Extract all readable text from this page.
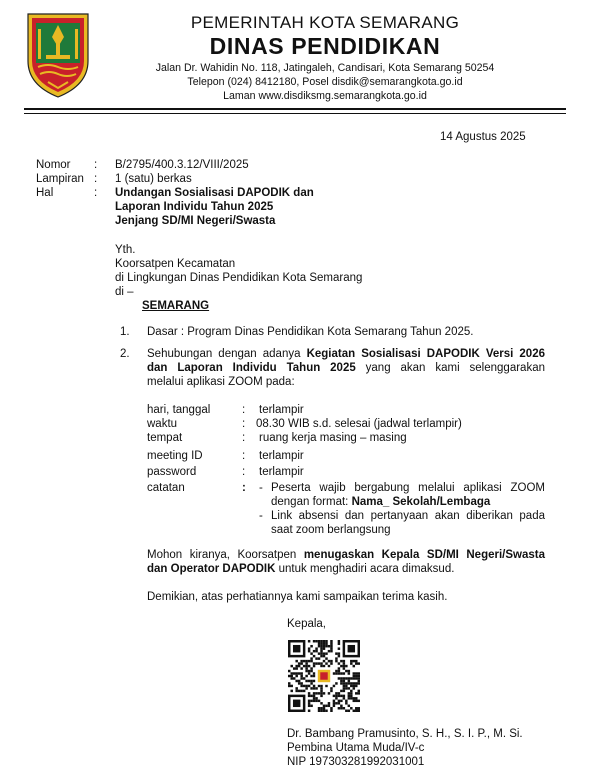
PEMERINTAH KOTA SEMARANG
DINAS PENDIDIKAN
Jalan Dr. Wahidin No. 118, Jatingaleh, Candisari, Kota Semarang 50254
Telepon (024) 8412180, Posel disdik@semarangkota.go.id
Laman www.disdiksmg.semarangkota.go.id
14 Agustus 2025
Nomor : B/2795/400.3.12/VIII/2025
Lampiran : 1 (satu) berkas
Hal	: Undangan Sosialisasi DAPODIK dan
Laporan Individu Tahun 2025
Jenjang SD/MI Negeri/Swasta
Yth.
Koorsatpen Kecamatan
di Lingkungan Dinas Pendidikan Kota Semarang
di –
SEMARANG
1. Dasar : Program Dinas Pendidikan Kota Semarang Tahun 2025.
2. Sehubungan dengan adanya Kegiatan Sosialisasi DAPODIK Versi 2026
dan Laporan Individu Tahun 2025 yang akan kami selenggarakan
melalui aplikasi ZOOM pada:
hari, tanggal	: terlampir
waktu	: 08.30 WIB s.d. selesai (jadwal terlampir)
tempat	: ruang kerja masing – masing
meeting ID	: terlampir
password	: terlampir
catatan	: - Peserta wajib bergabung melalui aplikasi ZOOM
dengan format: Nama_ Sekolah/Lembaga
- Link absensi dan pertanyaan akan diberikan pada
saat zoom berlangsung
Mohon kiranya, Koorsatpen menugaskan Kepala SD/MI Negeri/Swasta
dan Operator DAPODIK untuk menghadiri acara dimaksud.
Demikian, atas perhatiannya kami sampaikan terima kasih.
Kepala,
Dr. Bambang Pramusinto, S. H., S. I. P., M. Si.
Pembina Utama Muda/IV-c
NIP 197303281992031001
